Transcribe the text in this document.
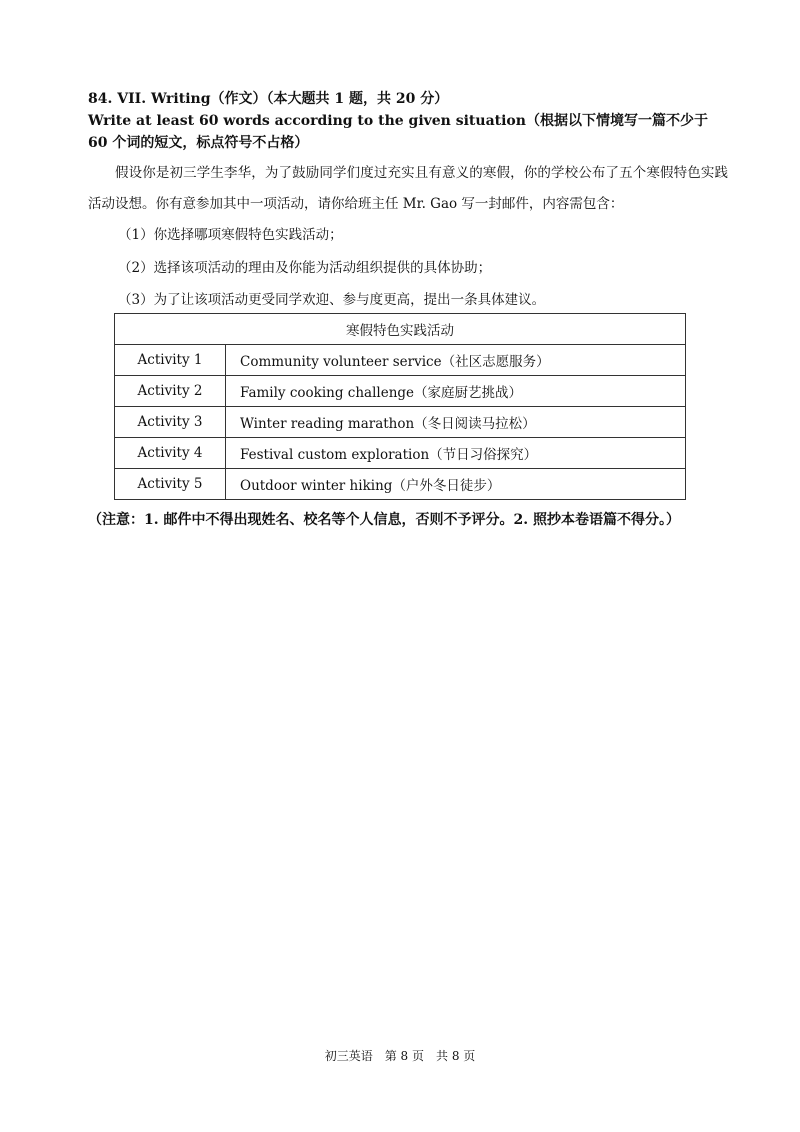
84. VII. Writing（作文）（本大题共 1 题，共 20 分）

Write at least 60 words according to the given situation（根据以下情境写一篇不少于 60 个词的短文，标点符号不占格）

假设你是初三学生李华，为了鼓励同学们度过充实且有意义的寒假，你的学校公布了五个寒假特色实践活动设想。你有意参加其中一项活动，请你给班主任 Mr. Gao 写一封邮件，内容需包含：

（1）你选择哪项寒假特色实践活动；

（2）选择该项活动的理由及你能为活动组织提供的具体协助；

（3）为了让该项活动更受同学欢迎、参与度更高，提出一条具体建议。

寒假特色实践活动	
Activity 1	Community volunteer service（社区志愿服务）
Activity 2	Family cooking challenge（家庭厨艺挑战）
Activity 3	Winter reading marathon（冬日阅读马拉松）
Activity 4	Festival custom exploration（节日习俗探究）
Activity 5	Outdoor winter hiking（户外冬日徒步）

（注意：1. 邮件中不得出现姓名、校名等个人信息，否则不予评分。2. 照抄本卷语篇不得分。）

初三英语　第 8 页　共 8 页
